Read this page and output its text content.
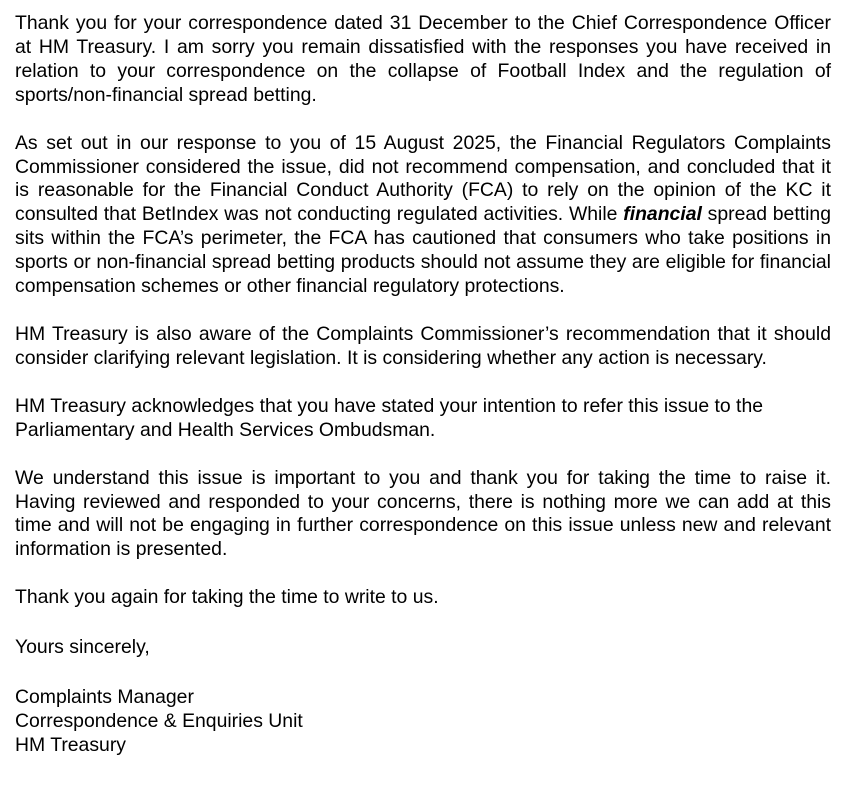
Thank you for your correspondence dated 31 December to the Chief Correspondence Officer at HM Treasury. I am sorry you remain dissatisfied with the responses you have received in relation to your correspondence on the collapse of Football Index and the regulation of sports/non-financial spread betting.

As set out in our response to you of 15 August 2025, the Financial Regulators Complaints Commissioner considered the issue, did not recommend compensation, and concluded that it is reasonable for the Financial Conduct Authority (FCA) to rely on the opinion of the KC it consulted that BetIndex was not conducting regulated activities. While financial spread betting sits within the FCA’s perimeter, the FCA has cautioned that consumers who take positions in sports or non-financial spread betting products should not assume they are eligible for financial compensation schemes or other financial regulatory protections.

HM Treasury is also aware of the Complaints Commissioner’s recommendation that it should consider clarifying relevant legislation. It is considering whether any action is necessary.

HM Treasury acknowledges that you have stated your intention to refer this issue to the Parliamentary and Health Services Ombudsman.

We understand this issue is important to you and thank you for taking the time to raise it. Having reviewed and responded to your concerns, there is nothing more we can add at this time and will not be engaging in further correspondence on this issue unless new and relevant information is presented.

Thank you again for taking the time to write to us.

Yours sincerely,

Complaints Manager
Correspondence & Enquiries Unit
HM Treasury
